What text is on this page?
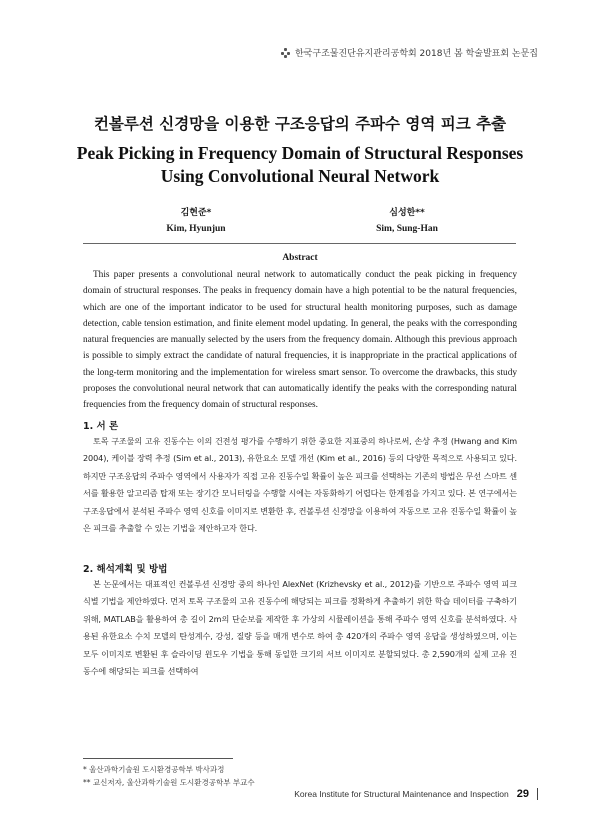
한국구조물진단유지관리공학회 2018년 봄 학술발표회 논문집
컨볼루션 신경망을 이용한 구조응답의 주파수 영역 피크 추출
Peak Picking in Frequency Domain of Structural Responses
Using Convolutional Neural Network
김현준*
Kim, Hyunjun
심성한**
Sim, Sung-Han
Abstract

This paper presents a convolutional neural network to automatically conduct the peak picking in frequency domain of structural responses. The peaks in frequency domain have a high potential to be the natural frequencies, which are one of the important indicator to be used for structural health monitoring purposes, such as damage detection, cable tension estimation, and finite element model updating. In general, the peaks with the corresponding natural frequencies are manually selected by the users from the frequency domain. Although this previous approach is possible to simply extract the candidate of natural frequencies, it is inappropriate in the practical applications of the long-term monitoring and the implementation for wireless smart sensor. To overcome the drawbacks, this study proposes the convolutional neural network that can automatically identify the peaks with the corresponding natural frequencies from the frequency domain of structural responses.

1. 서 론

토목 구조물의 고유 진동수는 이의 건전성 평가를 수행하기 위한 중요한 지표중의 하나로써, 손상 추정 (Hwang and Kim 2004), 케이블 장력 추정 (Sim et al., 2013), 유한요소 모델 개선 (Kim et al., 2016) 등의 다양한 목적으로 사용되고 있다. 하지만 구조응답의 주파수 영역에서 사용자가 직접 고유 진동수일 확률이 높은 피크를 선택하는 기존의 방법은 무선 스마트 센서를 활용한 알고리즘 탑재 또는 장기간 모니터링을 수행할 시에는 자동화하기 어렵다는 한계점을 가지고 있다. 본 연구에서는 구조응답에서 분석된 주파수 영역 신호를 이미지로 변환한 후, 컨볼루션 신경망을 이용하여 자동으로 고유 진동수일 확률이 높은 피크를 추출할 수 있는 기법을 제안하고자 한다.

2. 해석계획 및 방법

본 논문에서는 대표적인 컨볼루션 신경망 중의 하나인 AlexNet (Krizhevsky et al., 2012)를 기반으로 주파수 영역 피크 식별 기법을 제안하였다. 먼저 토목 구조물의 고유 진동수에 해당되는 피크를 정확하게 추출하기 위한 학습 데이터를 구축하기 위해, MATLAB을 활용하여 총 길이 2m의 단순보를 제작한 후 가상의 시뮬레이션을 통해 주파수 영역 신호를 분석하였다. 사용된 유한요소 수치 모델의 탄성계수, 강성, 질량 등을 매개 변수로 하여 총 420개의 주파수 영역 응답을 생성하였으며, 이는 모두 이미지로 변환된 후 슬라이딩 윈도우 기법을 통해 동일한 크기의 서브 이미지로 분할되었다. 총 2,590개의 실제 고유 진동수에 해당되는 피크를 선택하여

* 울산과학기술원 도시환경공학부 박사과정
** 교신저자, 울산과학기술원 도시환경공학부 부교수
Korea Institute for Structural Maintenance and Inspection 29
